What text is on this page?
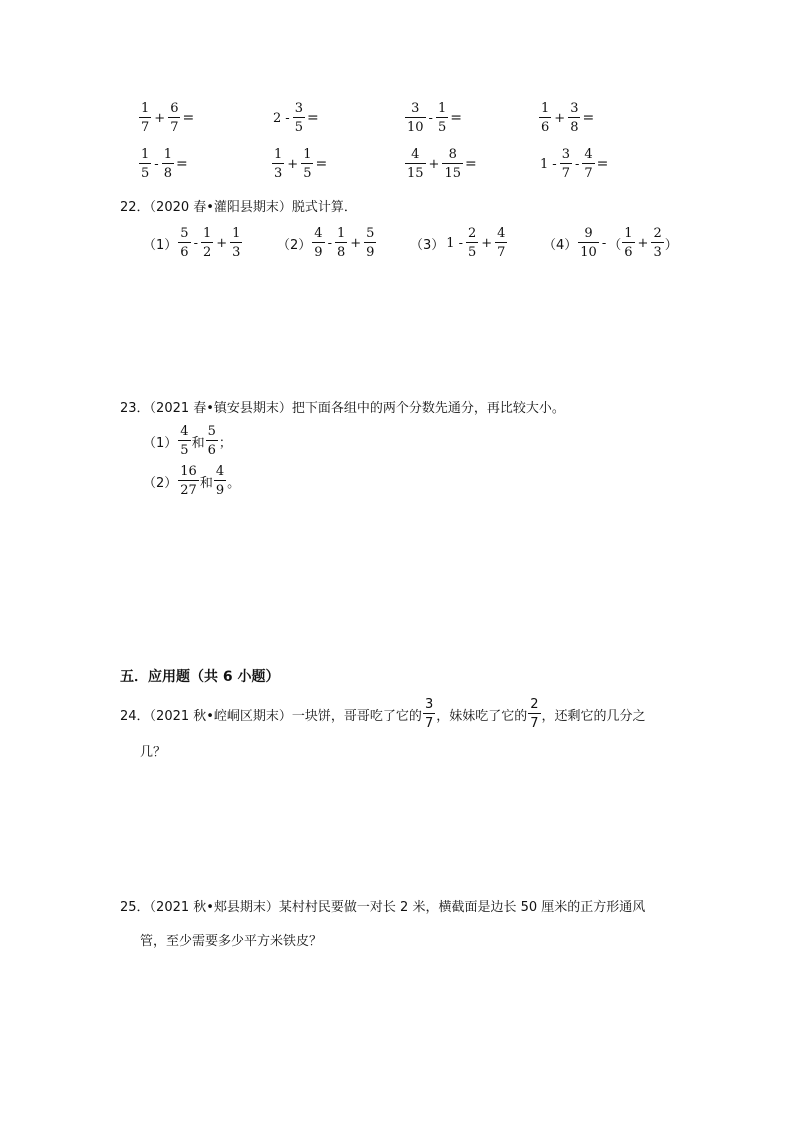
$\frac{1}{7} + \frac{6}{7}$ =	$2 - \frac{3}{5}$ =	$\frac{3}{10} - \frac{1}{5}$ =	$\frac{1}{6} + \frac{3}{8}$ =
$\frac{1}{5} - \frac{1}{8}$ =	$\frac{1}{3} + \frac{1}{5}$ =	$\frac{4}{15} + \frac{8}{15}$ =	$1 - \frac{3}{7} - \frac{4}{7}$ =
22．（2020 春•灌阳县期末）脱式计算．
$(1) \frac{5}{6} - \frac{1}{2} + \frac{1}{3}$	$(2) \frac{4}{9} - \frac{1}{8} + \frac{5}{9}$	（3） $1 - \frac{2}{5} + \frac{4}{7}$	$(4) \frac{9}{10}$ - （ $\frac{1}{6} + \frac{2}{3}$ ）
23．（2021 春•镇安县期末）把下面各组中的两个分数先通分，再比较大小。
$(1) \frac{4}{5}$ 和 $\frac{5}{6}$ ；
$(2) \frac{16}{27}$ 和 $\frac{4}{9}$ 。
五．应用题（共 6 小题）
24．（2021 秋•崆峒区期末）一块饼，哥哥吃了它的 $\frac{3}{7}$ ，妹妹吃了它的 $\frac{2}{7}$ ，还剩它的几分之
几？
25．（2021 秋•郏县期末）某村村民要做一对长 2 米，横截面是边长 50 厘米的正方形通风
管，至少需要多少平方米铁皮？
